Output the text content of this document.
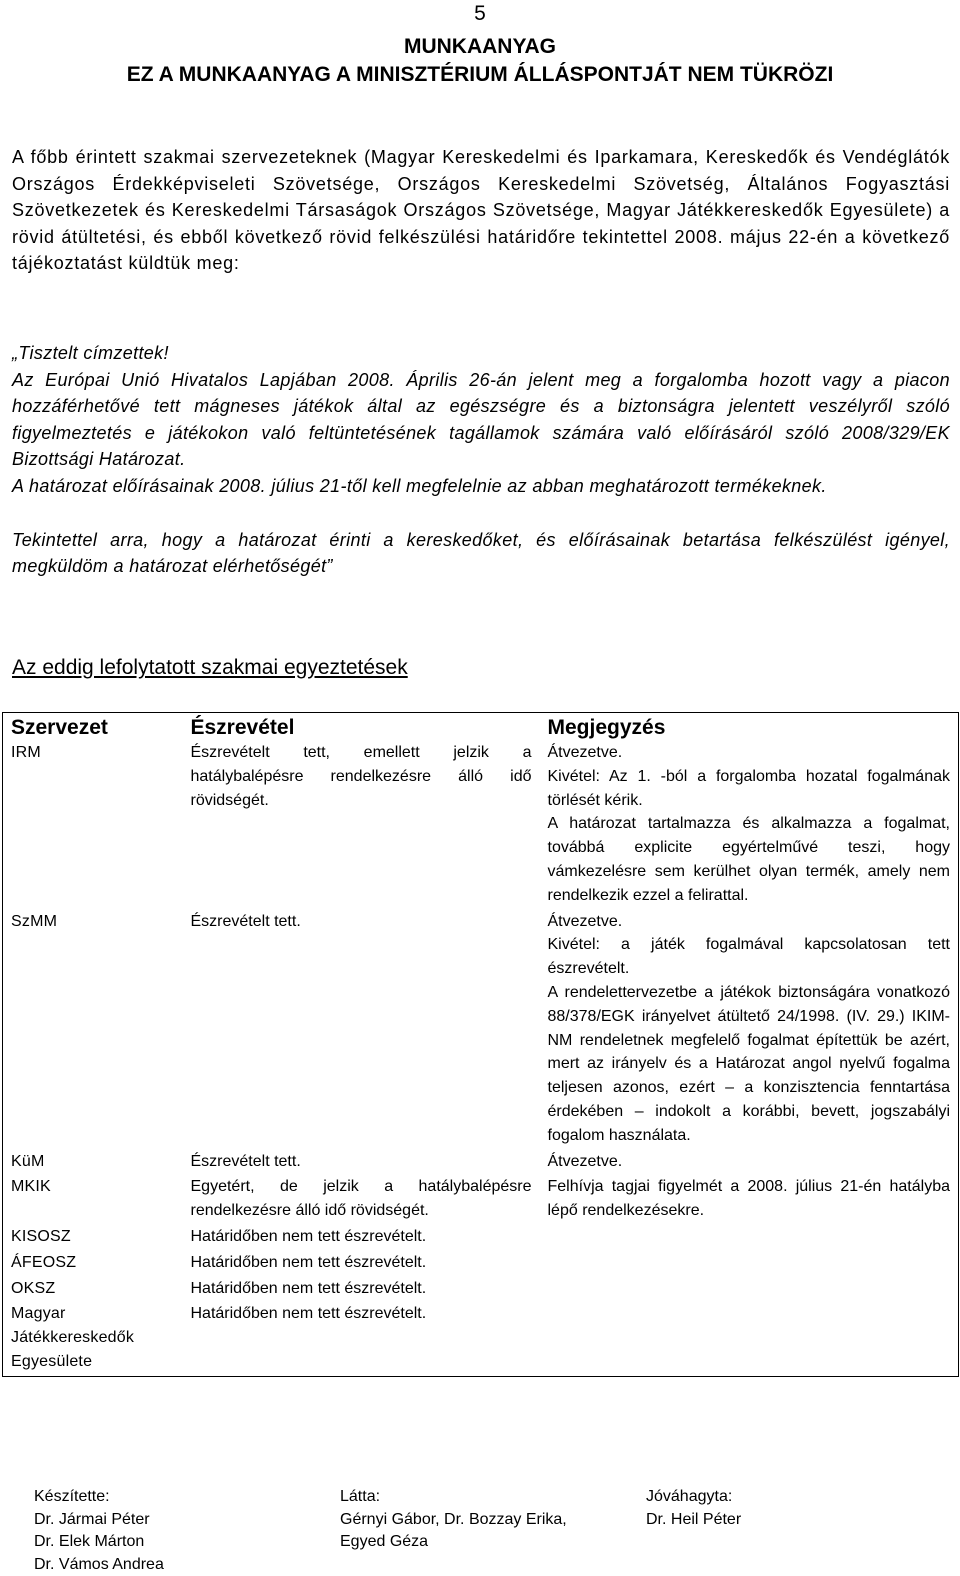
5
MUNKAANYAG
EZ A MUNKAANYAG A MINISZTÉRIUM ÁLLÁSPONTJÁT NEM TÜKRÖZI
A főbb érintett szakmai szervezeteknek (Magyar Kereskedelmi és Iparkamara, Kereskedők és Vendéglátók Országos Érdekképviseleti Szövetsége, Országos Kereskedelmi Szövetség, Általános Fogyasztási Szövetkezetek és Kereskedelmi Társaságok Országos Szövetsége, Magyar Játékkereskedők Egyesülete) a rövid átültetési, és ebből következő rövid felkészülési határidőre tekintettel 2008. május 22-én a következő tájékoztatást küldtük meg:

„Tisztelt címzettek!

Az Európai Unió Hivatalos Lapjában 2008. Április 26-án jelent meg a forgalomba hozott vagy a piacon hozzáférhetővé tett mágneses játékok által az egészségre és a biztonságra jelentett veszélyről szóló figyelmeztetés e játékokon való feltüntetésének tagállamok számára való előírásáról szóló 2008/329/EK Bizottsági Határozat.

A határozat előírásainak 2008. július 21-től kell megfelelnie az abban meghatározott termékeknek.

Tekintettel arra, hogy a határozat érinti a kereskedőket, és előírásainak betartása felkészülést igényel, megküldöm a határozat elérhetőségét”

Az eddig lefolytatott szakmai egyeztetések
Szervezet	Észrevétel	Megjegyzés
IRM	Észrevételt tett, emellett jelzik a hatálybalépésre rendelkezésre álló idő rövidségét.	Átvezetve.
Kivétel: Az 1. -ból a forgalomba hozatal fogalmának törlését kérik.
A határozat tartalmazza és alkalmazza a fogalmat, továbbá explicite egyértelművé teszi, hogy vámkezelésre sem kerülhet olyan termék, amely nem rendelkezik ezzel a felirattal.

SzMM	Észrevételt tett.	Átvezetve.
Kivétel: a játék fogalmával kapcsolatosan tett észrevételt.
A rendelettervezetbe a játékok biztonságára vonatkozó 88/378/EGK irányelvet átültető 24/1998. (IV. 29.) IKIM-NM rendeletnek megfelelő fogalmat építettük be azért, mert az irányelv és a Határozat angol nyelvű fogalma teljesen azonos, ezért – a konzisztencia fenntartása érdekében – indokolt a korábbi, bevett, jogszabályi fogalom használata.

KüM	Észrevételt tett.	Átvezetve.

MKIK	Egyetért, de jelzik a hatálybalépésre rendelkezésre álló idő rövidségét.	Felhívja tagjai figyelmét a 2008. július 21-én hatályba lépő rendelkezésekre.

KISOSZ	Határidőben nem tett észrevételt.	
ÁFEOSZ	Határidőben nem tett észrevételt.	
OKSZ	Határidőben nem tett észrevételt.	

Magyar
Játékkereskedők
Egyesülete	Határidőben nem tett észrevételt.	
Készítette:
Dr. Jármai Péter
Dr. Elek Márton
Dr. Vámos Andrea
Látta:
Gérnyi Gábor, Dr. Bozzay Erika,
Egyed Géza
Jóváhagyta:
Dr. Heil Péter
